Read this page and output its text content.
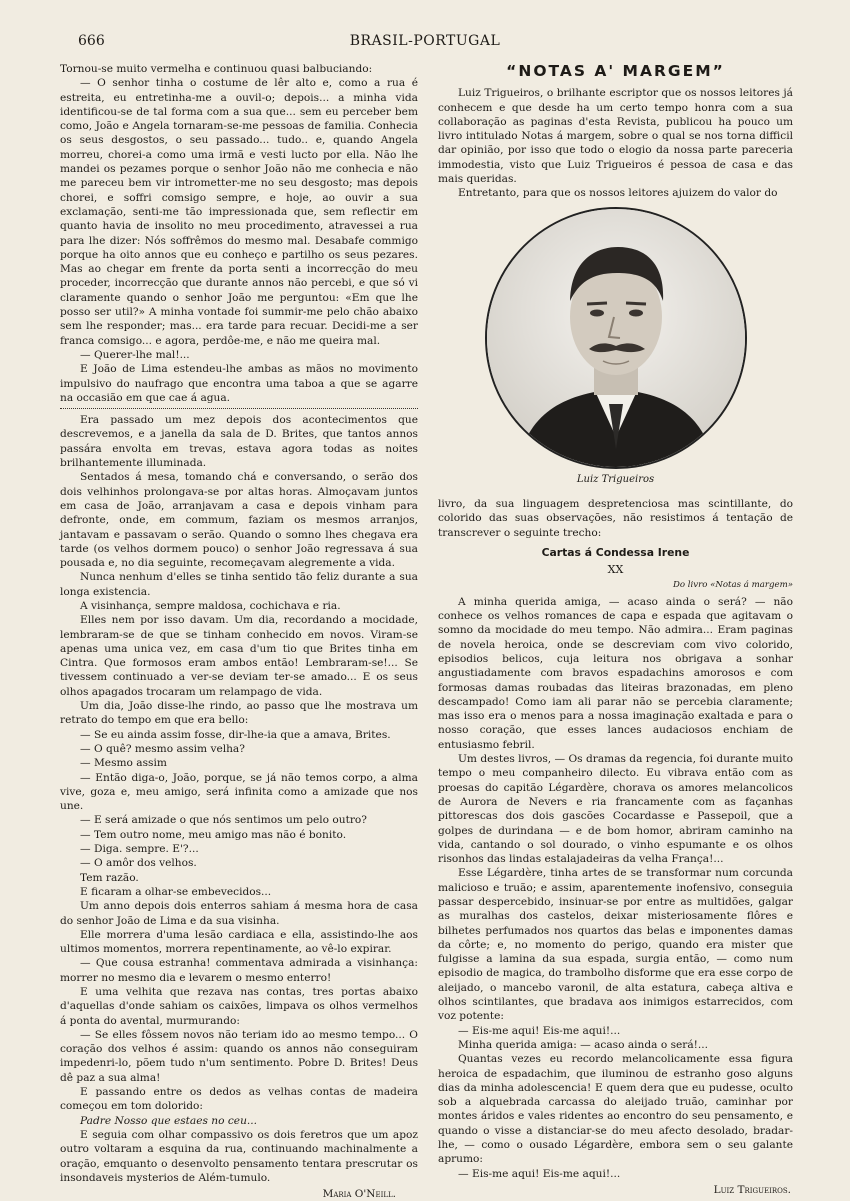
666	BRASIL-PORTUGAL

Tornou-se muito vermelha e continuou quasi balbuciando:

— O senhor tinha o costume de lêr alto e, como a rua é estreita, eu entretinha-me a ouvil-o; depois... a minha vida identificou-se de tal forma com a sua que... sem eu perceber bem como, João e Angela tornaram-se-me pessoas de familia. Conhecia os seus desgostos, o seu passado... tudo.. e, quando Angela morreu, chorei-a como uma irmã e vesti lucto por ella. Não lhe mandei os pezames porque o senhor João não me conhecia e não me pareceu bem vir intrometter-me no seu desgosto; mas depois chorei, e soffri comsigo sempre, e hoje, ao ouvir a sua exclamação, senti-me tão impressionada que, sem reflectir em quanto havia de insolito no meu procedimento, atravessei a rua para lhe dizer: Nós soffrêmos do mesmo mal. Desabafe commigo porque ha oito annos que eu conheço e partilho os seus pezares. Mas ao chegar em frente da porta senti a incorrecção do meu proceder, incorrecção que durante annos não percebi, e que só vi claramente quando o senhor João me perguntou: «Em que lhe posso ser util?» A minha vontade foi summir-me pelo chão abaixo sem lhe responder; mas... era tarde para recuar. Decidi-me a ser franca comsigo... e agora, perdôe-me, e não me queira mal.

— Querer-lhe mal!...

E João de Lima estendeu-lhe ambas as mãos no movimento impulsivo do naufrago que encontra uma taboa a que se agarre na occasião em que cae á agua.

Era passado um mez depois dos acontecimentos que descrevemos, e a janella da sala de D. Brites, que tantos annos passára envolta em trevas, estava agora todas as noites brilhantemente illuminada.

Sentados á mesa, tomando chá e conversando, o serão dos dois velhinhos prolongava-se por altas horas. Almoçavam juntos em casa de João, arranjavam a casa e depois vinham para defronte, onde, em commum, faziam os mesmos arranjos, jantavam e passavam o serão. Quando o somno lhes chegava era tarde (os velhos dormem pouco) o senhor João regressava á sua pousada e, no dia seguinte, recomeçavam alegremente a vida.

Nunca nenhum d'elles se tinha sentido tão feliz durante a sua longa existencia.

A visinhança, sempre maldosa, cochichava e ria.

Elles nem por isso davam. Um dia, recordando a mocidade, lembraram-se de que se tinham conhecido em novos. Viram-se apenas uma unica vez, em casa d'um tio que Brites tinha em Cintra. Que formosos eram ambos então! Lembraram-se!... Se tivessem continuado a ver-se deviam ter-se amado... E os seus olhos apagados trocaram um relampago de vida.

Um dia, João disse-lhe rindo, ao passo que lhe mostrava um retrato do tempo em que era bello:

— Se eu ainda assim fosse, dir-lhe-ia que a amava, Brites.

— O quê? mesmo assim velha?

— Mesmo assim

— Então diga-o, João, porque, se já não temos corpo, a alma vive, goza e, meu amigo, será infinita como a amizade que nos une.

— E será amizade o que nós sentimos um pelo outro?

— Tem outro nome, meu amigo mas não é bonito.

— Diga. sempre. E'?...

— O amôr dos velhos.

Tem razão.

E ficaram a olhar-se embevecidos...

Um anno depois dois enterros sahiam á mesma hora de casa do senhor João de Lima e da sua visinha.

Elle morrera d'uma lesão cardiaca e ella, assistindo-lhe aos ultimos momentos, morrera repentinamente, ao vê-lo expirar.

— Que cousa estranha! commentava admirada a visinhança: morrer no mesmo dia e levarem o mesmo enterro!

E uma velhita que rezava nas contas, tres portas abaixo d'aquellas d'onde sahiam os caixões, limpava os olhos vermelhos á ponta do avental, murmurando:

— Se elles fôssem novos não teriam ido ao mesmo tempo... O coração dos velhos é assim: quando os annos não conseguiram impedenri-lo, põem tudo n'um sentimento. Pobre D. Brites! Deus dê paz a sua alma!

E passando entre os dedos as velhas contas de madeira começou em tom dolorido:

Padre Nosso que estaes no ceu...

E seguia com olhar compassivo os dois feretros que um apoz outro voltaram a esquina da rua, continuando machinalmente a oração, emquanto o desenvolto pensamento tentara prescrutar os insondaveis mysterios de Além-tumulo.

Maria O'Neill.
“NOTAS A' MARGEM”

Luiz Trigueiros, o brilhante escriptor que os nossos leitores já conhecem e que desde ha um certo tempo honra com a sua collaboração as paginas d'esta Revista, publicou ha pouco um livro intitulado Notas á margem, sobre o qual se nos torna difficil dar opinião, por isso que todo o elogio da nossa parte pareceria immodestia, visto que Luiz Trigueiros é pessoa de casa e das mais queridas.

Entretanto, para que os nossos leitores ajuizem do valor do

Luiz Trigueiros

livro, da sua linguagem despretenciosa mas scintillante, do colorido das suas observações, não resistimos á tentação de transcrever o seguinte trecho:

Cartas á Condessa Irene
XX
Do livro «Notas á margem»

A minha querida amiga, — acaso ainda o será? — não conhece os velhos romances de capa e espada que agitavam o somno da mocidade do meu tempo. Não admira... Eram paginas de novela heroica, onde se descreviam com vivo colorido, episodios belicos, cuja leitura nos obrigava a sonhar angustiadamente com bravos espadachins amorosos e com formosas damas roubadas das liteiras brazonadas, em pleno descampado! Como iam ali parar não se percebia claramente; mas isso era o menos para a nossa imaginação exaltada e para o nosso coração, que esses lances audaciosos enchiam de entusiasmo febril.

Um destes livros, — Os dramas da regencia, foi durante muito tempo o meu companheiro dilecto. Eu vibrava então com as proesas do capitão Légardère, chorava os amores melancolicos de Aurora de Nevers e ria francamente com as façanhas pittorescas dos dois gascões Cocardasse e Passepoil, que a golpes de durindana — e de bom homor, abriram caminho na vida, cantando o sol dourado, o vinho espumante e os olhos risonhos das lindas estalajadeiras da velha França!...

Esse Légardère, tinha artes de se transformar num corcunda malicioso e truão; e assim, aparentemente inofensivo, conseguia passar despercebido, insinuar-se por entre as multidões, galgar as muralhas dos castelos, deixar misteriosamente flôres e bilhetes perfumados nos quartos das belas e imponentes damas da côrte; e, no momento do perigo, quando era mister que fulgisse a lamina da sua espada, surgia então, — como num episodio de magica, do trambolho disforme que era esse corpo de aleijado, o mancebo varonil, de alta estatura, cabeça altiva e olhos scintilantes, que bradava aos inimigos estarrecidos, com voz potente:

— Eis-me aqui! Eis-me aqui!...

Minha querida amiga: — acaso ainda o será!...

Quantas vezes eu recordo melancolicamente essa figura heroica de espadachim, que iluminou de estranho goso alguns dias da minha adolescencia! E quem dera que eu pudesse, oculto sob a alquebrada carcassa do aleijado truão, caminhar por montes áridos e vales ridentes ao encontro do seu pensamento, e quando o visse a distanciar-se do meu afecto desolado, bradar-lhe, — como o ousado Légardère, embora sem o seu galante aprumo:

— Eis-me aqui! Eis-me aqui!...

Luiz Trigueiros.
